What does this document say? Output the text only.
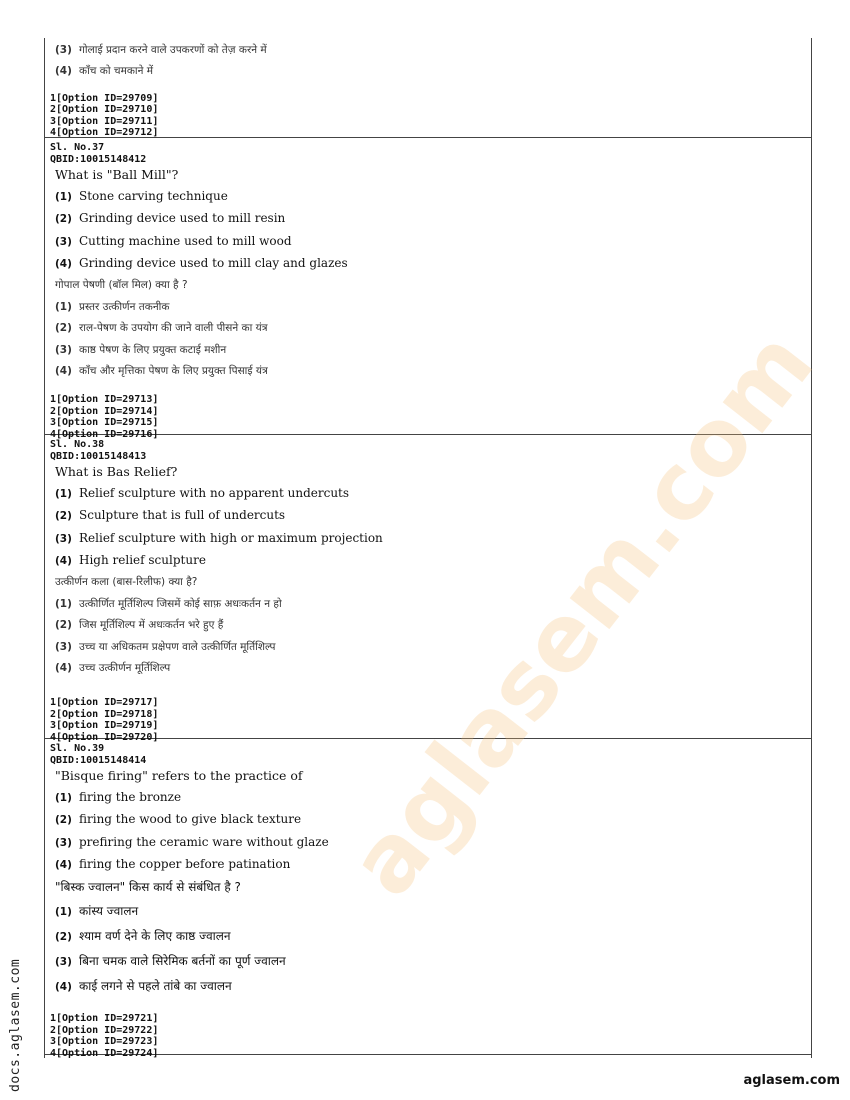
(3) गोलाई प्रदान करने वाले उपकरणों को तेज़ करने में
(4) काँच को चमकाने में
1[Option ID=29709]
2[Option ID=29710]
3[Option ID=29711]
4[Option ID=29712]
Sl. No.37
QBID:10015148412
What is "Ball Mill"?
(1) Stone carving technique
(2) Grinding device used to mill resin
(3) Cutting machine used to mill wood
(4) Grinding device used to mill clay and glazes
गोपाल पेषणी (बॉल मिल) क्या है ?
(1) प्रस्तर उत्कीर्णन तकनीक
(2) राल-पेषण के उपयोग की जाने वाली पीसने का यंत्र
(3) काष्ठ पेषण के लिए प्रयुक्त कटाई मशीन
(4) काँच और मृत्तिका पेषण के लिए प्रयुक्त पिसाई यंत्र
1[Option ID=29713]
2[Option ID=29714]
3[Option ID=29715]
4[Option ID=29716]
Sl. No.38
QBID:10015148413
What is Bas Relief?
(1) Relief sculpture with no apparent undercuts
(2) Sculpture that is full of undercuts
(3) Relief sculpture with high or maximum projection
(4) High relief sculpture
उत्कीर्णन कला (बास-रिलीफ) क्या है?
(1) उत्कीर्णित मूर्तिशिल्प जिसमें कोई साफ़ अधःकर्तन न हो
(2) जिस मूर्तिशिल्प में अधःकर्तन भरे हुए हैं
(3) उच्च या अधिकतम प्रक्षेपण वाले उत्कीर्णित मूर्तिशिल्प
(4) उच्च उत्कीर्णन मूर्तिशिल्प
1[Option ID=29717]
2[Option ID=29718]
3[Option ID=29719]
4[Option ID=29720]
Sl. No.39
QBID:10015148414
"Bisque firing" refers to the practice of
(1) firing the bronze
(2) firing the wood to give black texture
(3) prefiring the ceramic ware without glaze
(4) firing the copper before patination
"बिस्क ज्वालन" किस कार्य से संबंधित है ?
(1) कांस्य ज्वालन
(2) श्याम वर्ण देने के लिए काष्ठ ज्वालन
(3) बिना चमक वाले सिरेमिक बर्तनों का पूर्ण ज्वालन
(4) काई लगने से पहले तांबे का ज्वालन
1[Option ID=29721]
2[Option ID=29722]
3[Option ID=29723]
4[Option ID=29724]
aglasem.com
docs.aglasem.com	aglasem.com
